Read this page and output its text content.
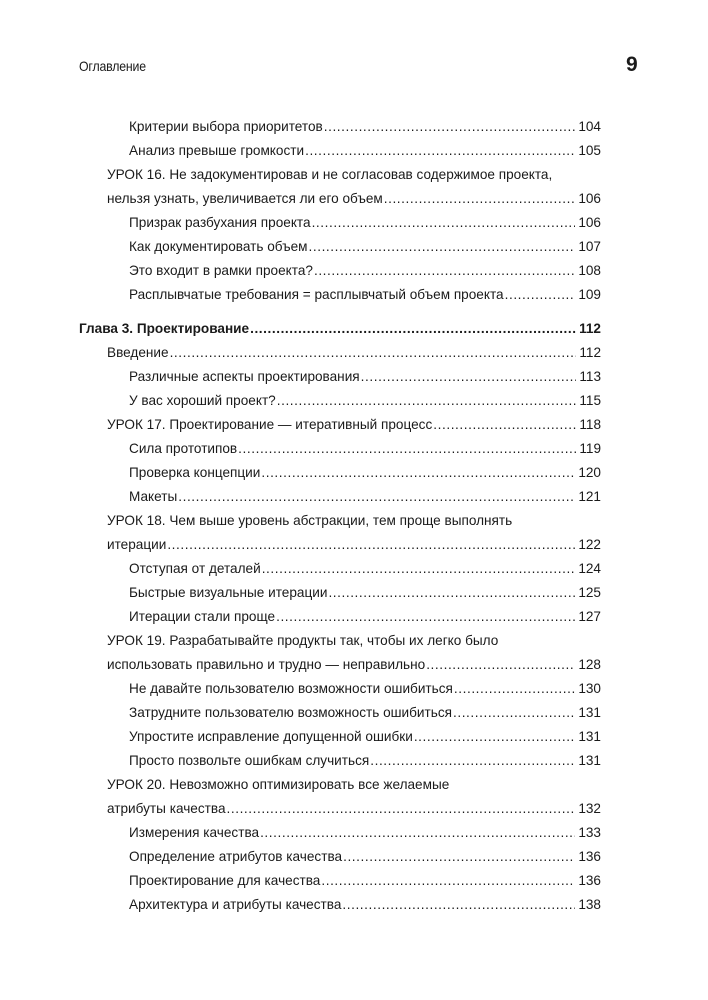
Оглавление	9
Критерии выбора приоритетов . . .	104
Анализ превыше громкости . . .	105
УРОК 16. Не задокументировав и не согласовав содержимое проекта,
нельзя узнать, увеличивается ли его объем . . .	106
Призрак разбухания проекта . . .	106
Как документировать объем . . .	107
Это входит в рамки проекта? . . .	108
Расплывчатые требования = расплывчатый объем проекта . . .	109
Глава 3. Проектирование . . .	112
Введение . . .	112
Различные аспекты проектирования . . .	113
У вас хороший проект? . . .	115
УРОК 17. Проектирование — итеративный процесс . . .	118
Сила прототипов . . .	119
Проверка концепции . . .	120
Макеты . . .	121
УРОК 18. Чем выше уровень абстракции, тем проще выполнять
итерации . . .	122
Отступая от деталей . . .	124
Быстрые визуальные итерации . . .	125
Итерации стали проще . . .	127
УРОК 19. Разрабатывайте продукты так, чтобы их легко было
использовать правильно и трудно — неправильно . . .	128
Не давайте пользователю возможности ошибиться . . .	130
Затрудните пользователю возможность ошибиться . . .	131
Упростите исправление допущенной ошибки . . .	131
Просто позвольте ошибкам случиться . . .	131
УРОК 20. Невозможно оптимизировать все желаемые
атрибуты качества . . .	132
Измерения качества . . .	133
Определение атрибутов качества . . .	136
Проектирование для качества . . .	136
Архитектура и атрибуты качества . . .	138
